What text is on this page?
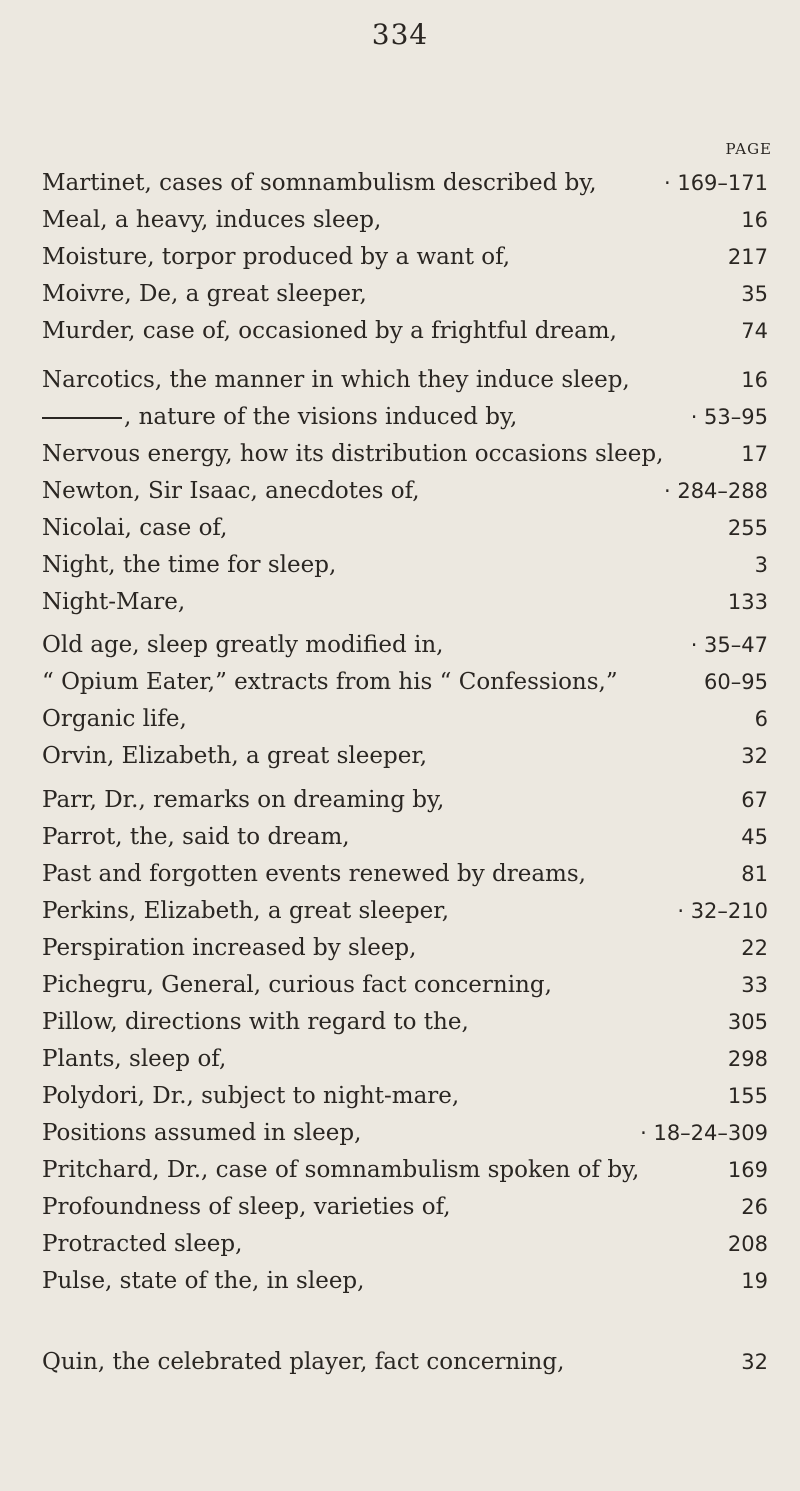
334
PAGE
Martinet, cases of somnambulism described by,	· 169–171
Meal, a heavy, induces sleep,	16
Moisture, torpor produced by a want of,	217
Moivre, De, a great sleeper,	35
Murder, case of, occasioned by a frightful dream,	74
Narcotics, the manner in which they induce sleep,	16
, nature of the visions induced by,	· 53–95
Nervous energy, how its distribution occasions sleep,	17
Newton, Sir Isaac, anecdotes of,	· 284–288
Nicolai, case of,	255
Night, the time for sleep,	3
Night-Mare,	133
Old age, sleep greatly modified in,	· 35–47
“ Opium Eater,” extracts from his “ Confessions,”	60–95
Organic life,	6
Orvin, Elizabeth, a great sleeper,	32
Parr, Dr., remarks on dreaming by,	67
Parrot, the, said to dream,	45
Past and forgotten events renewed by dreams,	81
Perkins, Elizabeth, a great sleeper,	· 32–210
Perspiration increased by sleep,	22
Pichegru, General, curious fact concerning,	33
Pillow, directions with regard to the,	305
Plants, sleep of,	298
Polydori, Dr., subject to night-mare,	155
Positions assumed in sleep,	· 18–24–309
Pritchard, Dr., case of somnambulism spoken of by,	169
Profoundness of sleep, varieties of,	26
Protracted sleep,	208
Pulse, state of the, in sleep,	19
Quin, the celebrated player, fact concerning,	32
